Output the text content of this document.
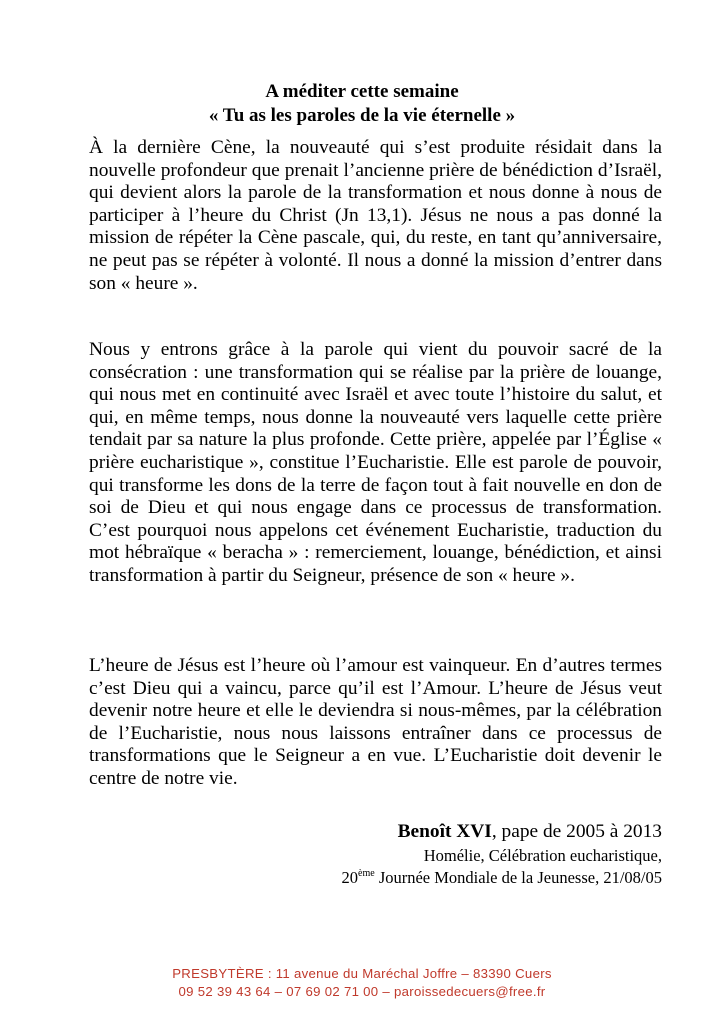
A méditer cette semaine
« Tu as les paroles de la vie éternelle »

À la dernière Cène, la nouveauté qui s’est produite résidait dans la nouvelle profondeur que prenait l’ancienne prière de bénédiction d’Israël, qui devient alors la parole de la transformation et nous donne à nous de participer à l’heure du Christ (Jn 13,1). Jésus ne nous a pas donné la mission de répéter la Cène pascale, qui, du reste, en tant qu’anniversaire, ne peut pas se répéter à volonté. Il nous a donné la mission d’entrer dans son « heure ».

Nous y entrons grâce à la parole qui vient du pouvoir sacré de la consécration : une transformation qui se réalise par la prière de louange, qui nous met en continuité avec Israël et avec toute l’histoire du salut, et qui, en même temps, nous donne la nouveauté vers laquelle cette prière tendait par sa nature la plus profonde. Cette prière, appelée par l’Église « prière eucharistique », constitue l’Eucharistie. Elle est parole de pouvoir, qui transforme les dons de la terre de façon tout à fait nouvelle en don de soi de Dieu et qui nous engage dans ce processus de transformation. C’est pourquoi nous appelons cet événement Eucharistie, traduction du mot hébraïque « beracha » : remerciement, louange, bénédiction, et ainsi transformation à partir du Seigneur, présence de son « heure ».

L’heure de Jésus est l’heure où l’amour est vainqueur. En d’autres termes c’est Dieu qui a vaincu, parce qu’il est l’Amour. L’heure de Jésus veut devenir notre heure et elle le deviendra si nous-mêmes, par la célébration de l’Eucharistie, nous nous laissons entraîner dans ce processus de transformations que le Seigneur a en vue. L’Eucharistie doit devenir le centre de notre vie.

Benoît XVI, pape de 2005 à 2013
Homélie, Célébration eucharistique,
20ème Journée Mondiale de la Jeunesse, 21/08/05
PRESBYTÈRE : 11 avenue du Maréchal Joffre – 83390 Cuers
09 52 39 43 64 – 07 69 02 71 00 – paroissedecuers@free.fr
